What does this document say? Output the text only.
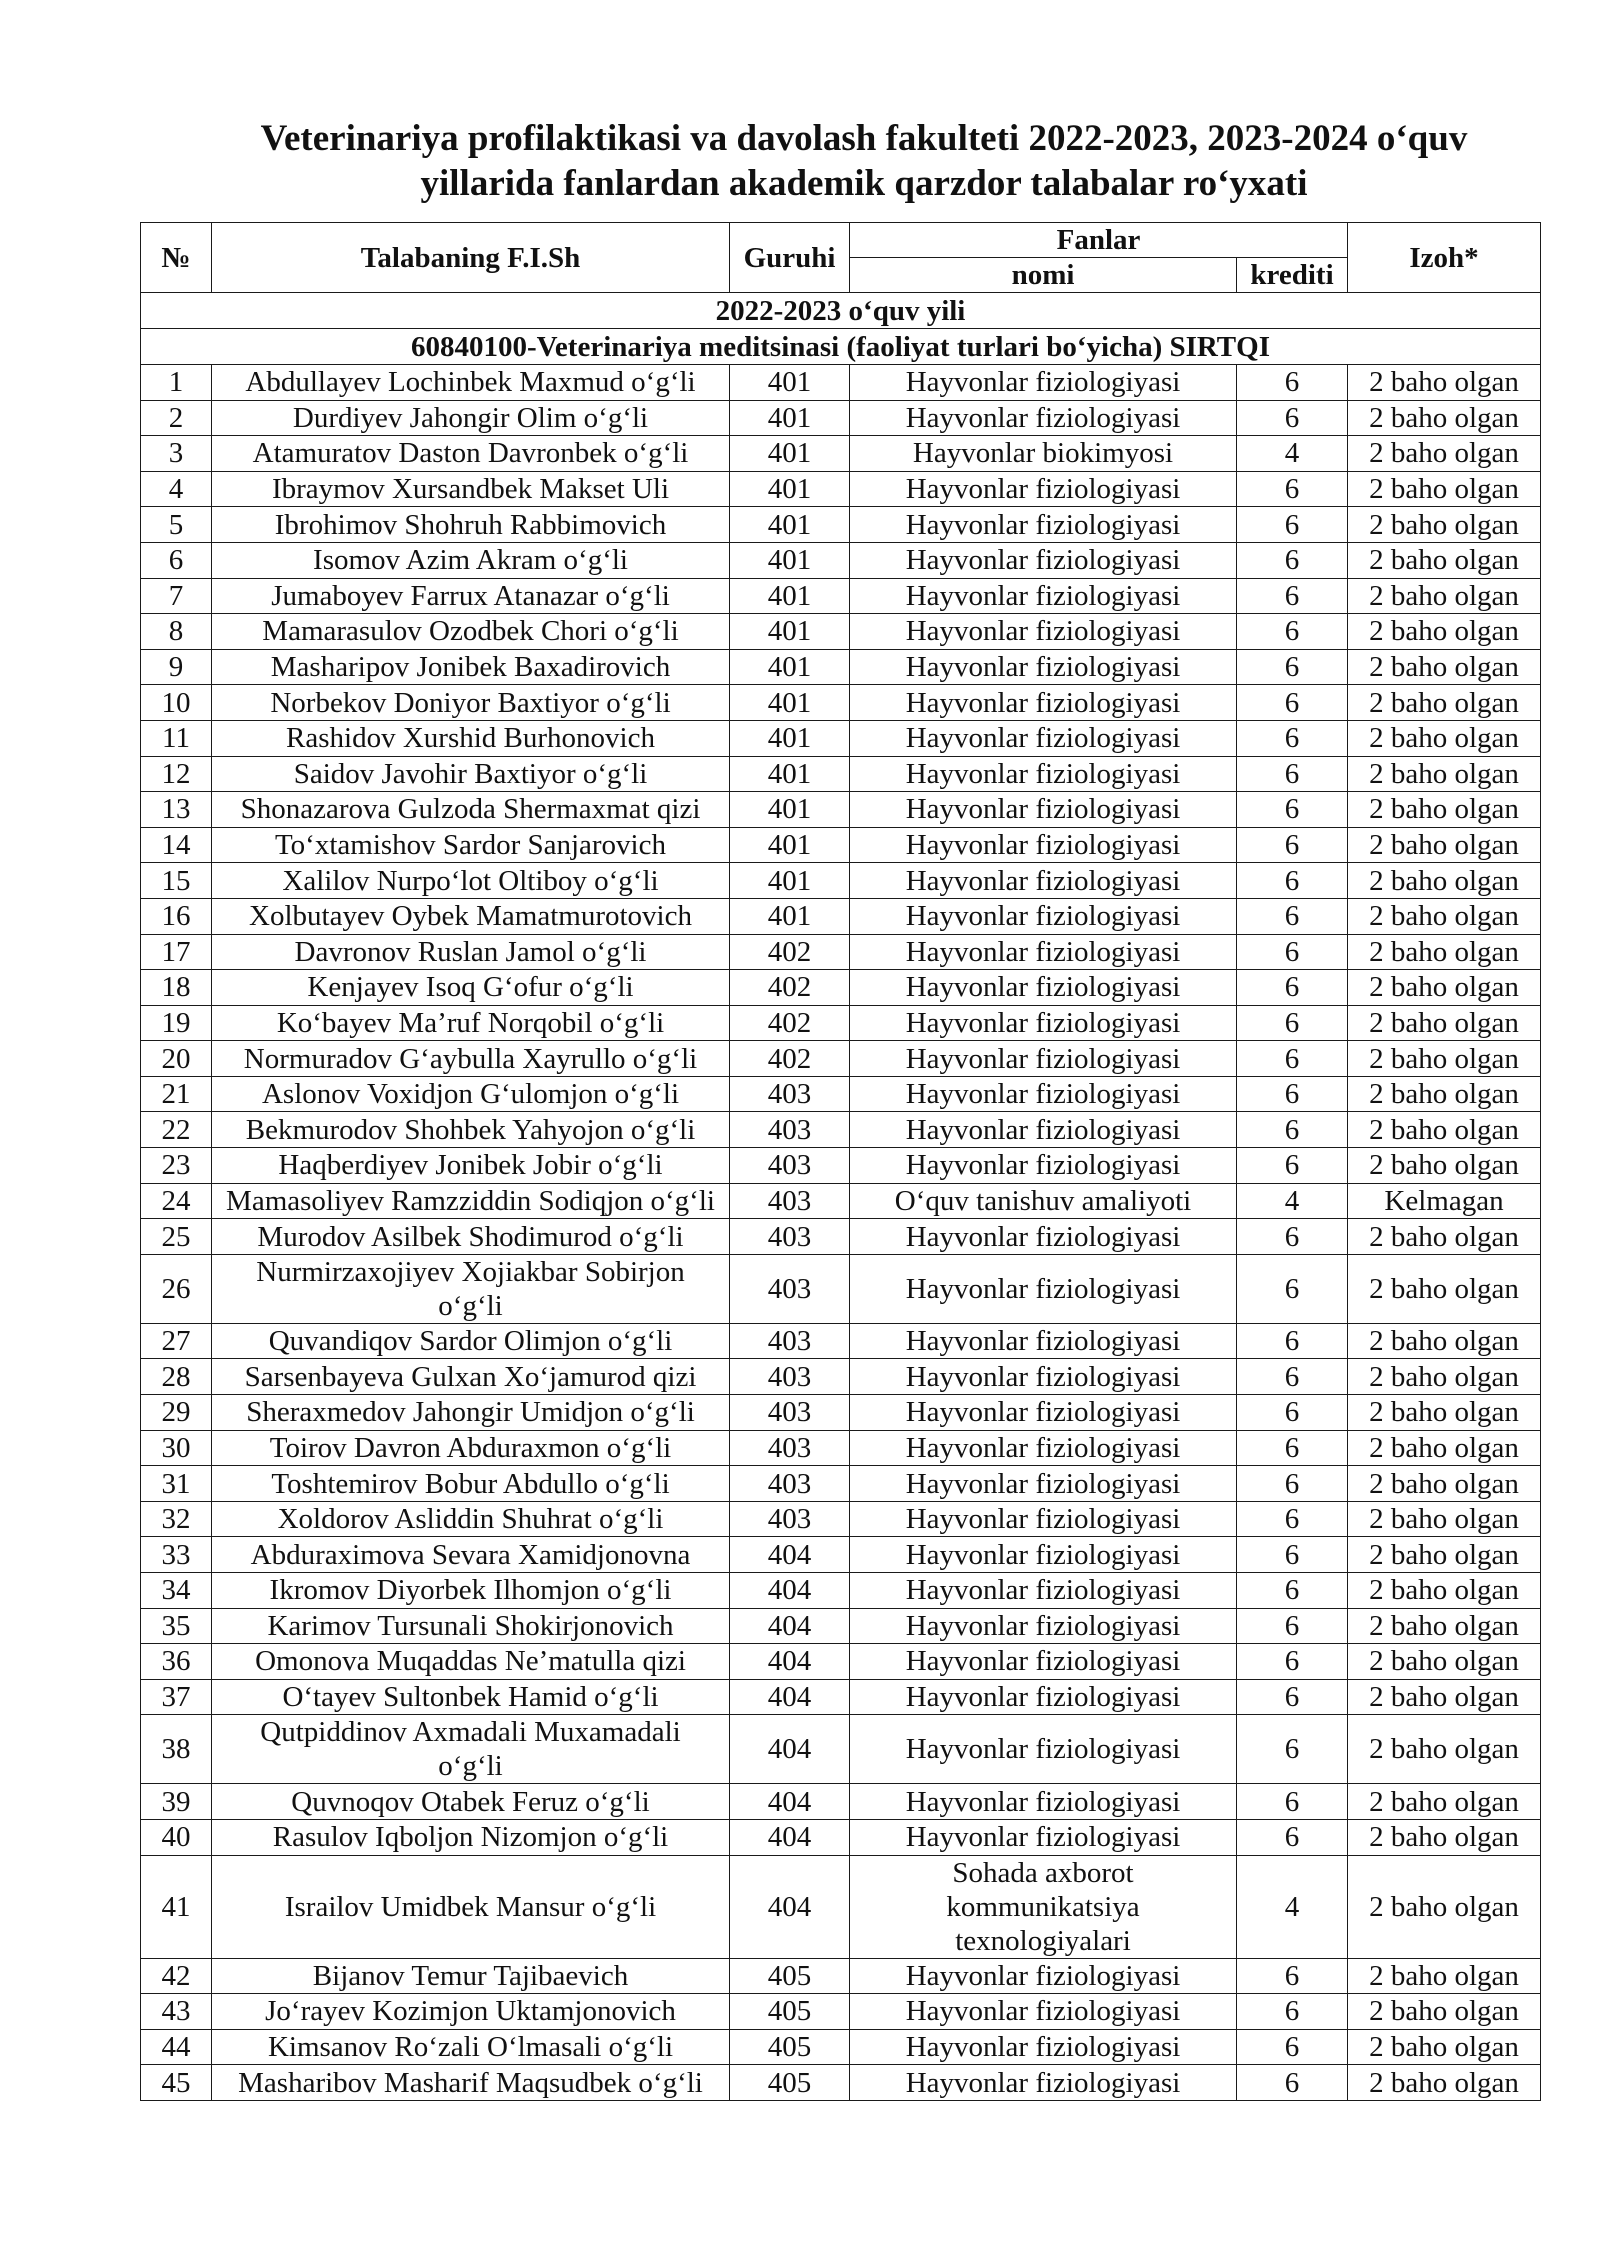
Veterinariya profilaktikasi va davolash fakulteti 2022-2023, 2023-2024 o‘quv
yillarida fanlardan akademik qarzdor talabalar ro‘yxati
№	Talabaning F.I.Sh	Guruhi	Fanlar		Izoh*
			nomi	krediti	
2022-2023 o‘quv yili					
60840100-Veterinariya meditsinasi (faoliyat turlari bo‘yicha) SIRTQI					
1	Abdullayev Lochinbek Maxmud o‘g‘li	401	Hayvonlar fiziologiyasi	6	2 baho olgan
2	Durdiyev Jahongir Olim o‘g‘li	401	Hayvonlar fiziologiyasi	6	2 baho olgan
3	Atamuratov Daston Davronbek o‘g‘li	401	Hayvonlar biokimyosi	4	2 baho olgan
4	Ibraymov Xursandbek Makset Uli	401	Hayvonlar fiziologiyasi	6	2 baho olgan
5	Ibrohimov Shohruh Rabbimovich	401	Hayvonlar fiziologiyasi	6	2 baho olgan
6	Isomov Azim Akram o‘g‘li	401	Hayvonlar fiziologiyasi	6	2 baho olgan
7	Jumaboyev Farrux Atanazar o‘g‘li	401	Hayvonlar fiziologiyasi	6	2 baho olgan
8	Mamarasulov Ozodbek Chori o‘g‘li	401	Hayvonlar fiziologiyasi	6	2 baho olgan
9	Masharipov Jonibek Baxadirovich	401	Hayvonlar fiziologiyasi	6	2 baho olgan
10	Norbekov Doniyor Baxtiyor o‘g‘li	401	Hayvonlar fiziologiyasi	6	2 baho olgan
11	Rashidov Xurshid Burhonovich	401	Hayvonlar fiziologiyasi	6	2 baho olgan
12	Saidov Javohir Baxtiyor o‘g‘li	401	Hayvonlar fiziologiyasi	6	2 baho olgan
13	Shonazarova Gulzoda Shermaxmat qizi	401	Hayvonlar fiziologiyasi	6	2 baho olgan
14	To‘xtamishov Sardor Sanjarovich	401	Hayvonlar fiziologiyasi	6	2 baho olgan
15	Xalilov Nurpo‘lot Oltiboy o‘g‘li	401	Hayvonlar fiziologiyasi	6	2 baho olgan
16	Xolbutayev Oybek Mamatmurotovich	401	Hayvonlar fiziologiyasi	6	2 baho olgan
17	Davronov Ruslan Jamol o‘g‘li	402	Hayvonlar fiziologiyasi	6	2 baho olgan
18	Kenjayev Isoq G‘ofur o‘g‘li	402	Hayvonlar fiziologiyasi	6	2 baho olgan
19	Ko‘bayev Ma’ruf Norqobil o‘g‘li	402	Hayvonlar fiziologiyasi	6	2 baho olgan
20	Normuradov G‘aybulla Xayrullo o‘g‘li	402	Hayvonlar fiziologiyasi	6	2 baho olgan
21	Aslonov Voxidjon G‘ulomjon o‘g‘li	403	Hayvonlar fiziologiyasi	6	2 baho olgan
22	Bekmurodov Shohbek Yahyojon o‘g‘li	403	Hayvonlar fiziologiyasi	6	2 baho olgan
23	Haqberdiyev Jonibek Jobir o‘g‘li	403	Hayvonlar fiziologiyasi	6	2 baho olgan
24	Mamasoliyev Ramzziddin Sodiqjon o‘g‘li	403	O‘quv tanishuv amaliyoti	4	Kelmagan
25	Murodov Asilbek Shodimurod o‘g‘li	403	Hayvonlar fiziologiyasi	6	2 baho olgan
26	Nurmirzaxojiyev Xojiakbar Sobirjon
o‘g‘li	403	Hayvonlar fiziologiyasi	6	2 baho olgan
27	Quvandiqov Sardor Olimjon o‘g‘li	403	Hayvonlar fiziologiyasi	6	2 baho olgan
28	Sarsenbayeva Gulxan Xo‘jamurod qizi	403	Hayvonlar fiziologiyasi	6	2 baho olgan
29	Sheraxmedov Jahongir Umidjon o‘g‘li	403	Hayvonlar fiziologiyasi	6	2 baho olgan
30	Toirov Davron Abduraxmon o‘g‘li	403	Hayvonlar fiziologiyasi	6	2 baho olgan
31	Toshtemirov Bobur Abdullo o‘g‘li	403	Hayvonlar fiziologiyasi	6	2 baho olgan
32	Xoldorov Asliddin Shuhrat o‘g‘li	403	Hayvonlar fiziologiyasi	6	2 baho olgan
33	Abduraximova Sevara Xamidjonovna	404	Hayvonlar fiziologiyasi	6	2 baho olgan
34	Ikromov Diyorbek Ilhomjon o‘g‘li	404	Hayvonlar fiziologiyasi	6	2 baho olgan
35	Karimov Tursunali Shokirjonovich	404	Hayvonlar fiziologiyasi	6	2 baho olgan
36	Omonova Muqaddas Ne’matulla qizi	404	Hayvonlar fiziologiyasi	6	2 baho olgan
37	O‘tayev Sultonbek Hamid o‘g‘li	404	Hayvonlar fiziologiyasi	6	2 baho olgan
38	Qutpiddinov Axmadali Muxamadali
o‘g‘li	404	Hayvonlar fiziologiyasi	6	2 baho olgan
39	Quvnoqov Otabek Feruz o‘g‘li	404	Hayvonlar fiziologiyasi	6	2 baho olgan
40	Rasulov Iqboljon Nizomjon o‘g‘li	404	Hayvonlar fiziologiyasi	6	2 baho olgan
41	Israilov Umidbek Mansur o‘g‘li	404	Sohada axborot
kommunikatsiya
texnologiyalari	4	2 baho olgan
42	Bijanov Temur Tajibaevich	405	Hayvonlar fiziologiyasi	6	2 baho olgan
43	Jo‘rayev Kozimjon Uktamjonovich	405	Hayvonlar fiziologiyasi	6	2 baho olgan
44	Kimsanov Ro‘zali O‘lmasali o‘g‘li	405	Hayvonlar fiziologiyasi	6	2 baho olgan
45	Masharibov Masharif Maqsudbek o‘g‘li	405	Hayvonlar fiziologiyasi	6	2 baho olgan
